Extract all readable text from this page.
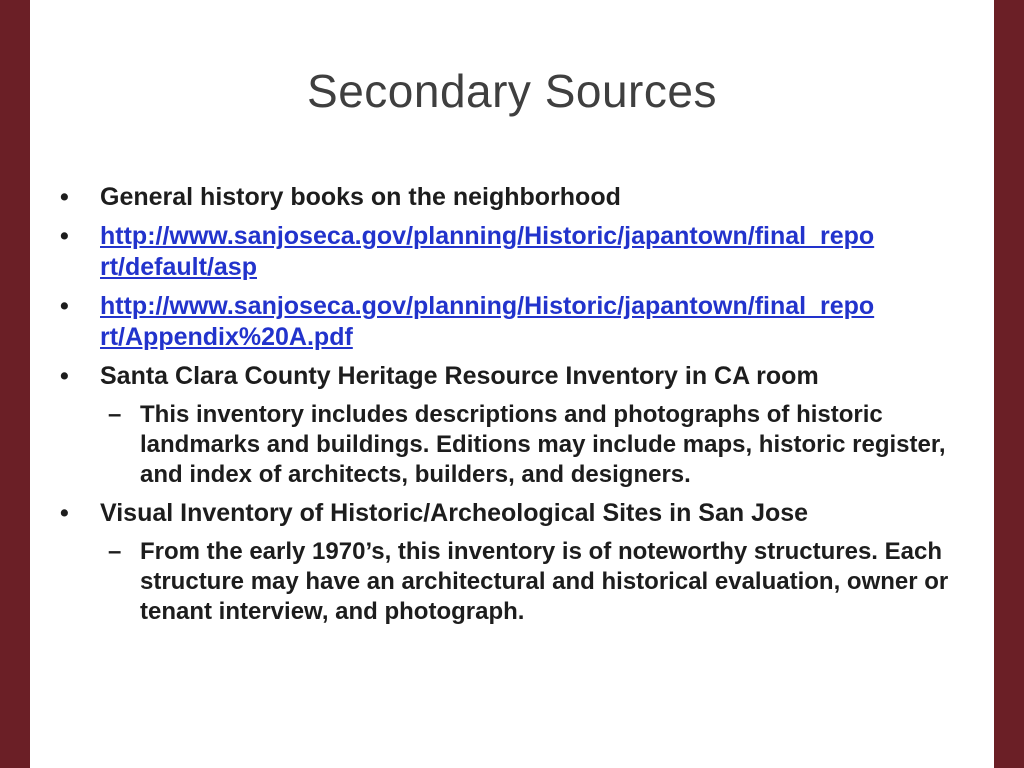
Secondary Sources
•	General history books on the neighborhood
•	http://www.sanjoseca.gov/planning/Historic/japantown/final_repo
rt/default/asp
•	http://www.sanjoseca.gov/planning/Historic/japantown/final_repo
rt/Appendix%20A.pdf
•	Santa Clara County Heritage Resource Inventory in CA room
– This inventory includes descriptions and photographs of historic
landmarks and buildings. Editions may include maps, historic register,
and index of architects, builders, and designers.
•	Visual Inventory of Historic/Archeological Sites in San Jose
– From the early 1970’s, this inventory is of noteworthy structures. Each
structure may have an architectural and historical evaluation, owner or
tenant interview, and photograph.
